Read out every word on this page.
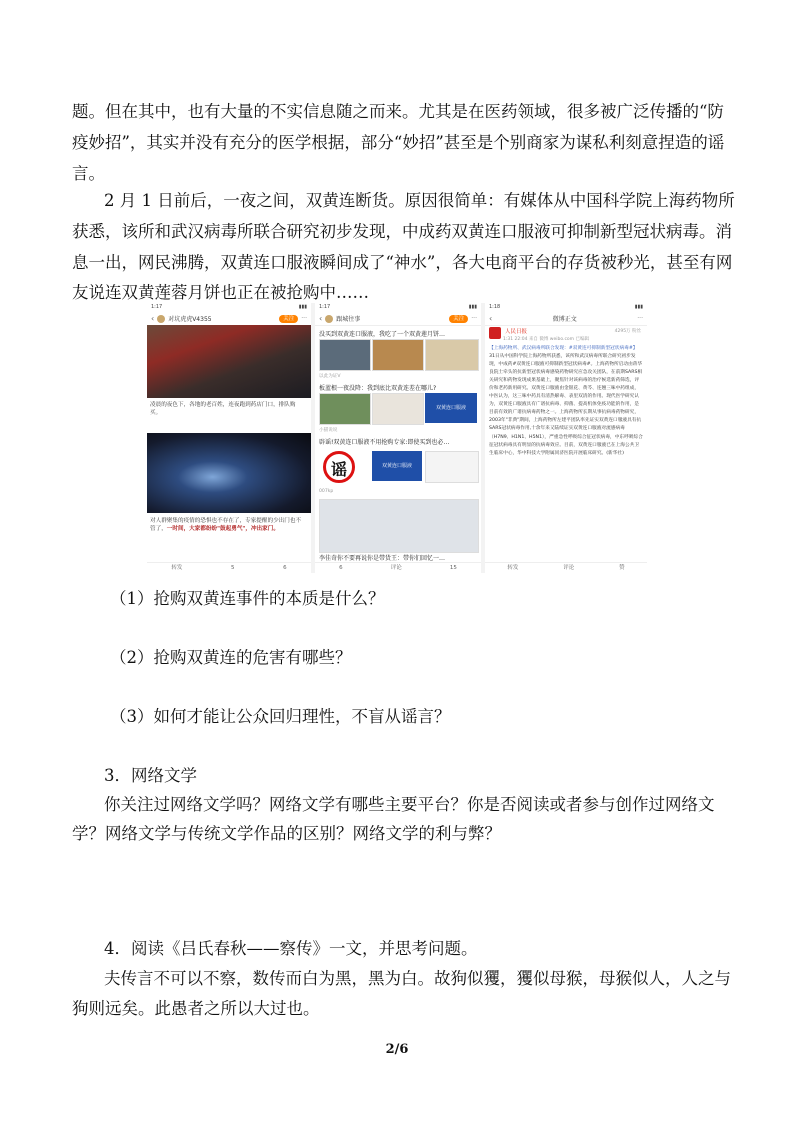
题。但在其中，也有大量的不实信息随之而来。尤其是在医药领域，很多被广泛传播的“防
疫妙招”，其实并没有充分的医学根据，部分“妙招”甚至是个别商家为谋私利刻意捏造的谣
言。
2 月 1 日前后，一夜之间，双黄连断货。原因很简单：有媒体从中国科学院上海药物所
获悉，该所和武汉病毒所联合研究初步发现，中成药双黄连口服液可抑制新型冠状病毒。消
息一出，网民沸腾，双黄连口服液瞬间成了“神水”，各大电商平台的存货被秒光，甚至有网
友说连双黄莲蓉月饼也正在被抢购中……
1:17	▮▮▮
‹ 对坑虎虎V4355	关注	···
凌晨的夜色下，各地的老百姓，连夜跑到药店门口，排队购买。
对人群聚集的疫情的恐惧也不存在了，专家提醒的少出门也不管了，一时间，大家都纷纷"鼓起勇气"，冲出家门。
转发	5	6
1:17	▮▮▮
‹ 跟城往事	关注	···
没买到双黄连口服液，我吃了一个双黄莲月饼…
以此为证V
板蓝根一夜没降：我到底比双黄连差在哪儿?
双黄连口服液
小猫说说
辟谣!双黄连口服液不用抢购专家:即使买到也必…
谣	双黄连口服液
007kp
李佳奇你不要再说你是带货王：带你们回忆一…
6	评论	15
1:18	▮▮▮
‹	微博正文	···
人民日报
1:31 22:04 来自 微博 weibo.com 已编辑
4295万 粉丝
【上海药物所、武汉病毒所联合发现：#双黄连可抑制新型冠状病毒#】31日从中国科学院上海药物所获悉，该所和武汉病毒所联合研究初步发现，中成药#双黄连口服液可抑制新型冠状病毒#。上海药物所启动由蒋华良院士牵头的抗新型冠状病毒感染药物研究应急攻关团队，在前期SARS相关研究和药物发现成果基础上，聚焦针对该病毒的治疗候选新药筛选，评价和老药新用研究。双黄连口服液由金银花、黄芩、连翘三味中药组成，中医认为，这三味中药具有清热解毒、表里双清的作用。现代医学研究认为，双黄连口服液具有广谱抗病毒、抑菌、提高机体免疫功能的作用，是目前有效的广谱抗病毒药物之一。上海药物所长期从事抗病毒药物研究，2003年"非典"期间，上海药物所左建平团队率先证实双黄连口服液具有抗SARS冠状病毒作用,十余年来又陆续证实双黄连口服液对流感病毒（H7N9、H1N1、H5N1），严重急性呼吸综合征冠状病毒，中东呼吸综合征冠状病毒具有明显的抗病毒效应。目前，双黄连口服液已在上海公共卫生临床中心，华中科技大学附属同济医院开展临床研究。(新华社)
转发	评论	赞
（1）抢购双黄连事件的本质是什么？
（2）抢购双黄连的危害有哪些？
（3）如何才能让公众回归理性，不盲从谣言？
3．网络文学
你关注过网络文学吗？网络文学有哪些主要平台？你是否阅读或者参与创作过网络文
学？网络文学与传统文学作品的区别？网络文学的利与弊？
4．阅读《吕氏春秋——察传》一文，并思考问题。
夫传言不可以不察，数传而白为黑，黑为白。故狗似玃，玃似母猴，母猴似人，人之与
狗则远矣。此愚者之所以大过也。
2/6
